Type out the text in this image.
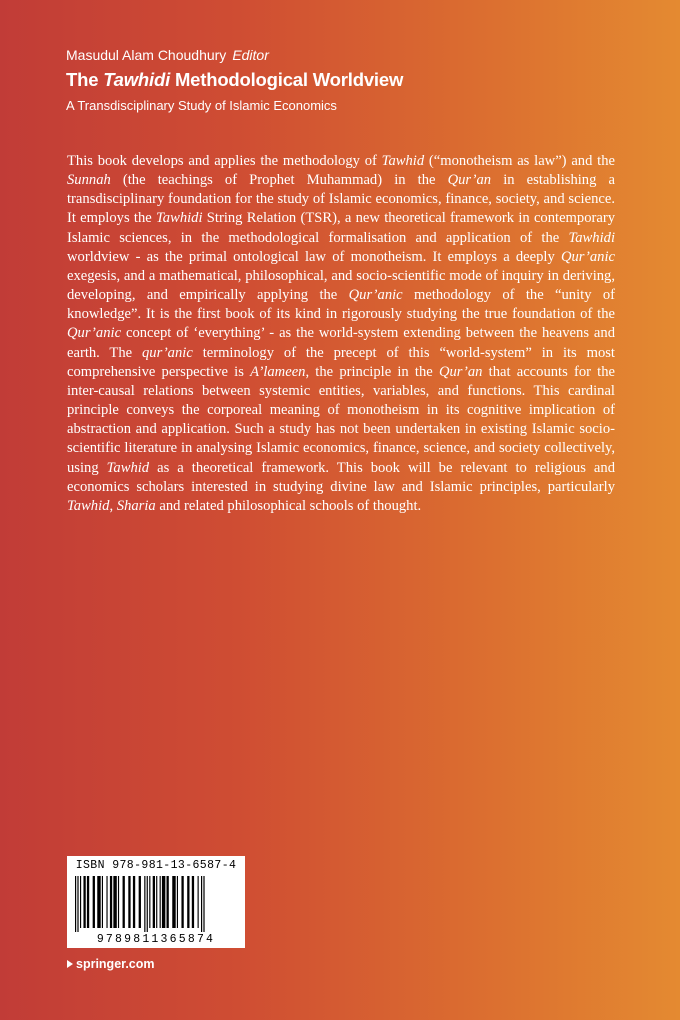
Masudul Alam Choudhury Editor
The Tawhidi Methodological Worldview
A Transdisciplinary Study of Islamic Economics

This book develops and applies the methodology of Tawhid (“monotheism as law”) and the Sunnah (the teachings of Prophet Muhammad) in the Qur’an in establishing a transdisciplinary foundation for the study of Islamic economics, finance, society, and science. It employs the Tawhidi String Relation (TSR), a new theoretical framework in contemporary Islamic sciences, in the methodological formalisation and application of the Tawhidi worldview - as the primal ontological law of monotheism. It employs a deeply Qur’anic exegesis, and a mathematical, philosophical, and socio-scientific mode of inquiry in deriving, developing, and empirically applying the Qur’anic methodology of the “unity of knowledge”. It is the first book of its kind in rigorously studying the true foundation of the Qur’anic concept of ‘everything’ - as the world-system extending between the heavens and earth. The qur’anic terminology of the precept of this “world-system” in its most comprehensive perspective is A’lameen, the principle in the Qur’an that accounts for the inter-causal relations between systemic entities, variables, and functions. This cardinal principle conveys the corporeal meaning of monotheism in its cognitive implication of abstraction and application. Such a study has not been undertaken in existing Islamic socio-scientific literature in analysing Islamic economics, finance, science, and society collectively, using Tawhid as a theoretical framework. This book will be relevant to religious and economics scholars interested in studying divine law and Islamic principles, particularly Tawhid, Sharia and related philosophical schools of thought.

ISBN 978-981-13-6587-4
9789811365874
springer.com
